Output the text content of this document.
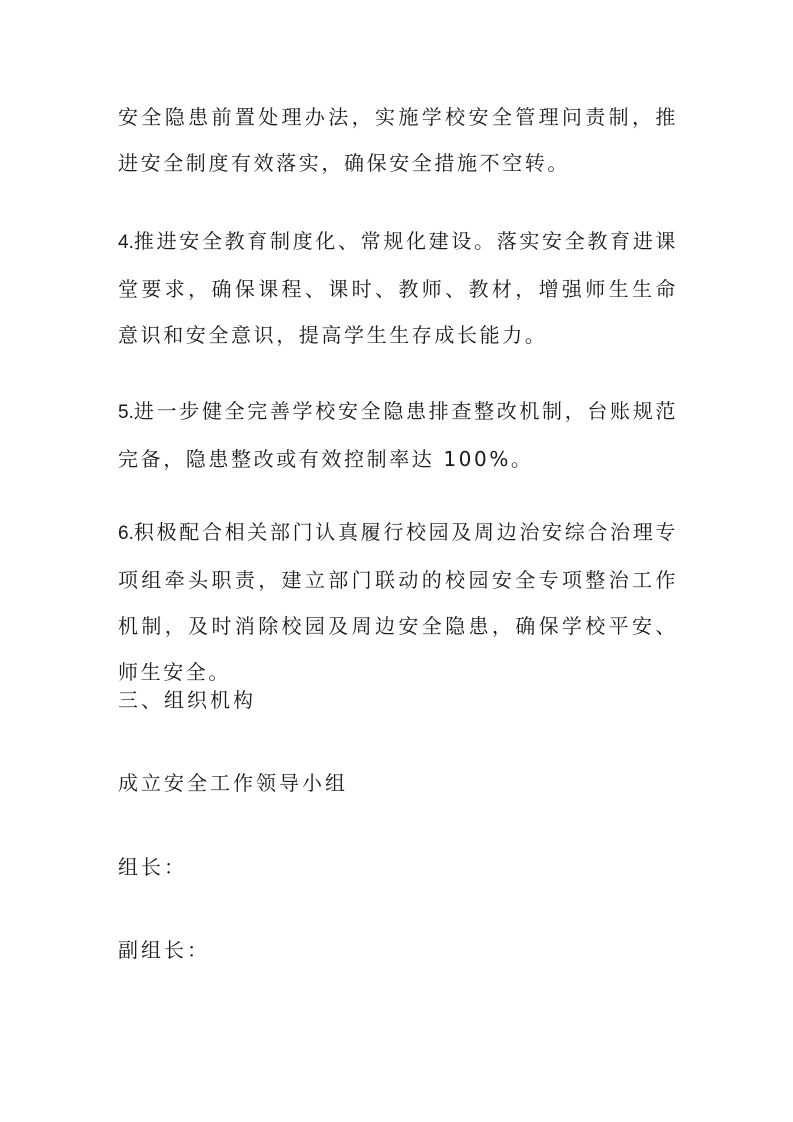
安全隐患前置处理办法，实施学校安全管理问责制，推进安全制度有效落实，确保安全措施不空转。

4.推进安全教育制度化、常规化建设。落实安全教育进课堂要求，确保课程、课时、教师、教材，增强师生生命意识和安全意识，提高学生生存成长能力。

5.进一步健全完善学校安全隐患排查整改机制，台账规范完备，隐患整改或有效控制率达 100%。

6.积极配合相关部门认真履行校园及周边治安综合治理专项组牵头职责，建立部门联动的校园安全专项整治工作机制，及时消除校园及周边安全隐患，确保学校平安、师生安全。

三、组织机构

成立安全工作领导小组

组长：

副组长：
